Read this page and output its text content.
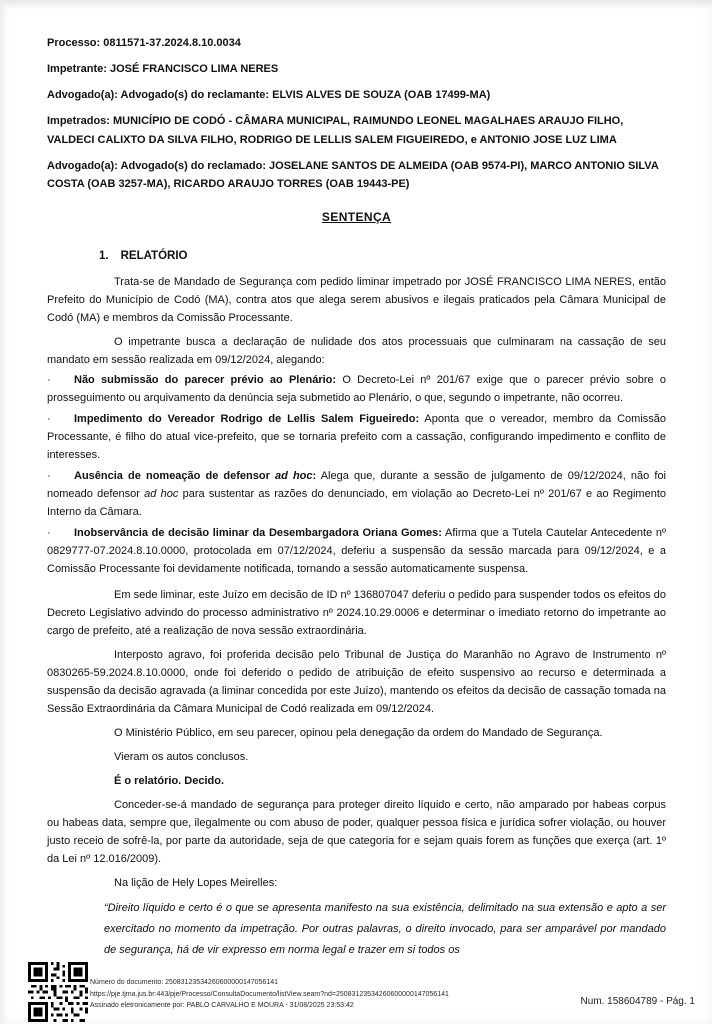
Processo: 0811571-37.2024.8.10.0034

Impetrante: JOSÉ FRANCISCO LIMA NERES

Advogado(a): Advogado(s) do reclamante: ELVIS ALVES DE SOUZA (OAB 17499-MA)

Impetrados: MUNICÍPIO DE CODÓ - CÂMARA MUNICIPAL, RAIMUNDO LEONEL MAGALHAES ARAUJO FILHO, VALDECI CALIXTO DA SILVA FILHO, RODRIGO DE LELLIS SALEM FIGUEIREDO, e ANTONIO JOSE LUZ LIMA

Advogado(a): Advogado(s) do reclamado: JOSELANE SANTOS DE ALMEIDA (OAB 9574-PI), MARCO ANTONIO SILVA COSTA (OAB 3257-MA), RICARDO ARAUJO TORRES (OAB 19443-PE)

SENTENÇA

1. RELATÓRIO

Trata-se de Mandado de Segurança com pedido liminar impetrado por JOSÉ FRANCISCO LIMA NERES, então Prefeito do Município de Codó (MA), contra atos que alega serem abusivos e ilegais praticados pela Câmara Municipal de Codó (MA) e membros da Comissão Processante.

O impetrante busca a declaração de nulidade dos atos processuais que culminaram na cassação de seu mandato em sessão realizada em 09/12/2024, alegando:

· Não submissão do parecer prévio ao Plenário: O Decreto-Lei nº 201/67 exige que o parecer prévio sobre o prosseguimento ou arquivamento da denúncia seja submetido ao Plenário, o que, segundo o impetrante, não ocorreu.
· Impedimento do Vereador Rodrigo de Lellis Salem Figueiredo: Aponta que o vereador, membro da Comissão Processante, é filho do atual vice-prefeito, que se tornaria prefeito com a cassação, configurando impedimento e conflito de interesses.
· Ausência de nomeação de defensor ad hoc: Alega que, durante a sessão de julgamento de 09/12/2024, não foi nomeado defensor ad hoc para sustentar as razões do denunciado, em violação ao Decreto-Lei nº 201/67 e ao Regimento Interno da Câmara.
· Inobservância de decisão liminar da Desembargadora Oriana Gomes: Afirma que a Tutela Cautelar Antecedente nº 0829777-07.2024.8.10.0000, protocolada em 07/12/2024, deferiu a suspensão da sessão marcada para 09/12/2024, e a Comissão Processante foi devidamente notificada, tornando a sessão automaticamente suspensa.

Em sede liminar, este Juízo em decisão de ID nº 136807047 deferiu o pedido para suspender todos os efeitos do Decreto Legislativo advindo do processo administrativo nº 2024.10.29.0006 e determinar o imediato retorno do impetrante ao cargo de prefeito, até a realização de nova sessão extraordinária.

Interposto agravo, foi proferida decisão pelo Tribunal de Justiça do Maranhão no Agravo de Instrumento nº 0830265-59.2024.8.10.0000, onde foi deferido o pedido de atribuição de efeito suspensivo ao recurso e determinada a suspensão da decisão agravada (a liminar concedida por este Juízo), mantendo os efeitos da decisão de cassação tomada na Sessão Extraordinária da Câmara Municipal de Codó realizada em 09/12/2024.

O Ministério Público, em seu parecer, opinou pela denegação da ordem do Mandado de Segurança.

Vieram os autos conclusos.

É o relatório. Decido.

Conceder-se-á mandado de segurança para proteger direito líquido e certo, não amparado por habeas corpus ou habeas data, sempre que, ilegalmente ou com abuso de poder, qualquer pessoa física e jurídica sofrer violação, ou houver justo receio de sofrê-la, por parte da autoridade, seja de que categoria for e sejam quais forem as funções que exerça (art. 1º da Lei nº 12.016/2009).

Na lição de Hely Lopes Meirelles:

“Direito líquido e certo é o que se apresenta manifesto na sua existência, delimitado na sua extensão e apto a ser exercitado no momento da impetração. Por outras palavras, o direito invocado, para ser amparável por mandado de segurança, há de vir expresso em norma legal e trazer em si todos os

Número do documento: 25083123534260600000147056141

https://pje.tjma.jus.br:443/pje/Processo/ConsultaDocumento/listView.seam?nd=25083123534260600000147056141

Assinado eletronicamente por: PABLO CARVALHO E MOURA - 31/08/2025 23:53:42	Num. 158604789 - Pág. 1
